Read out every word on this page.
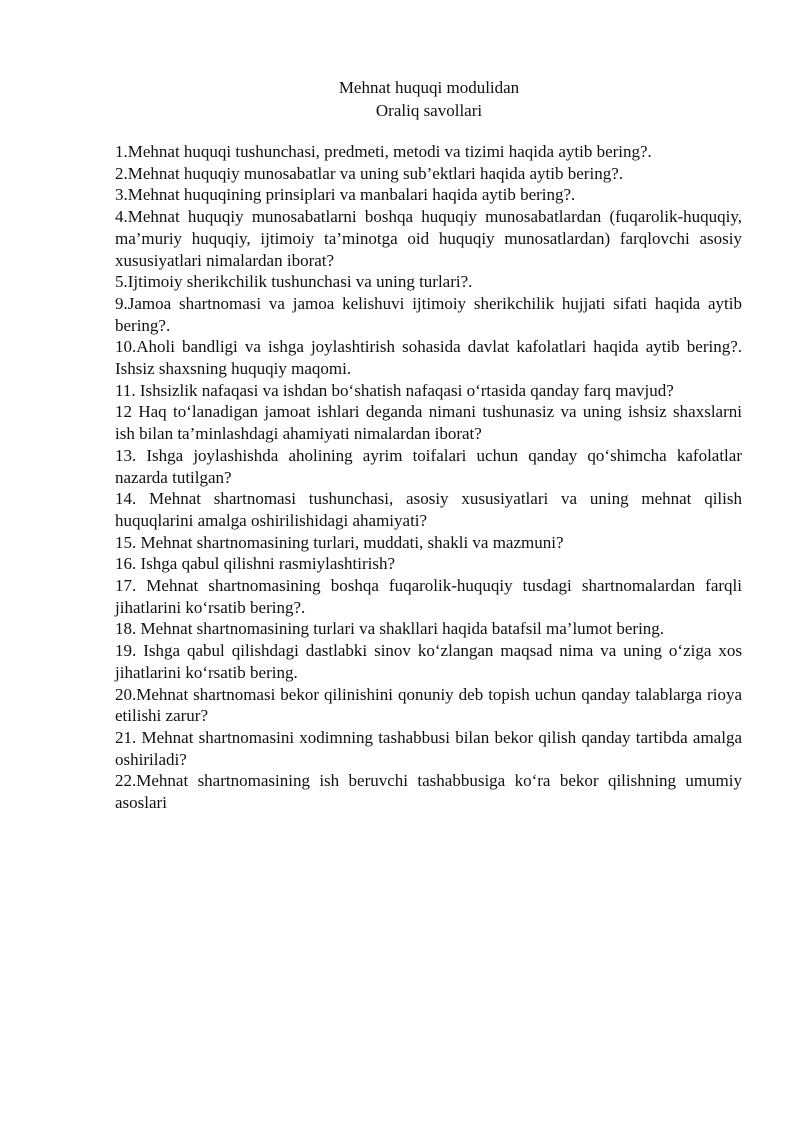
Mehnat huquqi modulidan
Oraliq savollari
1.Mehnat huquqi tushunchasi, predmeti, metodi va tizimi haqida aytib bering?.
2.Mehnat huquqiy munosabatlar va uning sub’ektlari haqida aytib bering?.
3.Mehnat huquqining prinsiplari va manbalari haqida aytib bering?.
4.Mehnat huquqiy munosabatlarni boshqa huquqiy munosabatlardan (fuqarolik-huquqiy, ma’muriy huquqiy, ijtimoiy ta’minotga oid huquqiy munosatlardan) farqlovchi asosiy xususiyatlari nimalardan iborat?
5.Ijtimoiy sherikchilik tushunchasi va uning turlari?.
9.Jamoa shartnomasi va jamoa kelishuvi ijtimoiy sherikchilik hujjati sifati haqida aytib bering?.
10.Aholi bandligi va ishga joylashtirish sohasida davlat kafolatlari haqida aytib bering?. Ishsiz shaxsning huquqiy maqomi.
11. Ishsizlik nafaqasi va ishdan bo‘shatish nafaqasi o‘rtasida qanday farq mavjud?
12 Haq to‘lanadigan jamoat ishlari deganda nimani tushunasiz va uning ishsiz shaxslarni ish bilan ta’minlashdagi ahamiyati nimalardan iborat?
13. Ishga joylashishda aholining ayrim toifalari uchun qanday qo‘shimcha kafolatlar nazarda tutilgan?
14. Mehnat shartnomasi tushunchasi, asosiy xususiyatlari va uning mehnat qilish huquqlarini amalga oshirilishidagi ahamiyati?
15. Mehnat shartnomasining turlari, muddati, shakli va mazmuni?
16. Ishga qabul qilishni rasmiylashtirish?
17. Mehnat shartnomasining boshqa fuqarolik-huquqiy tusdagi shartnomalardan farqli jihatlarini ko‘rsatib bering?.
18. Mehnat shartnomasining turlari va shakllari haqida batafsil ma’lumot bering.
19. Ishga qabul qilishdagi dastlabki sinov ko‘zlangan maqsad nima va uning o‘ziga xos jihatlarini ko‘rsatib bering.
20.Mehnat shartnomasi bekor qilinishini qonuniy deb topish uchun qanday talablarga rioya etilishi zarur?
21. Mehnat shartnomasini xodimning tashabbusi bilan bekor qilish qanday tartibda amalga oshiriladi?
22.Mehnat shartnomasining ish beruvchi tashabbusiga ko‘ra bekor qilishning umumiy asoslari
